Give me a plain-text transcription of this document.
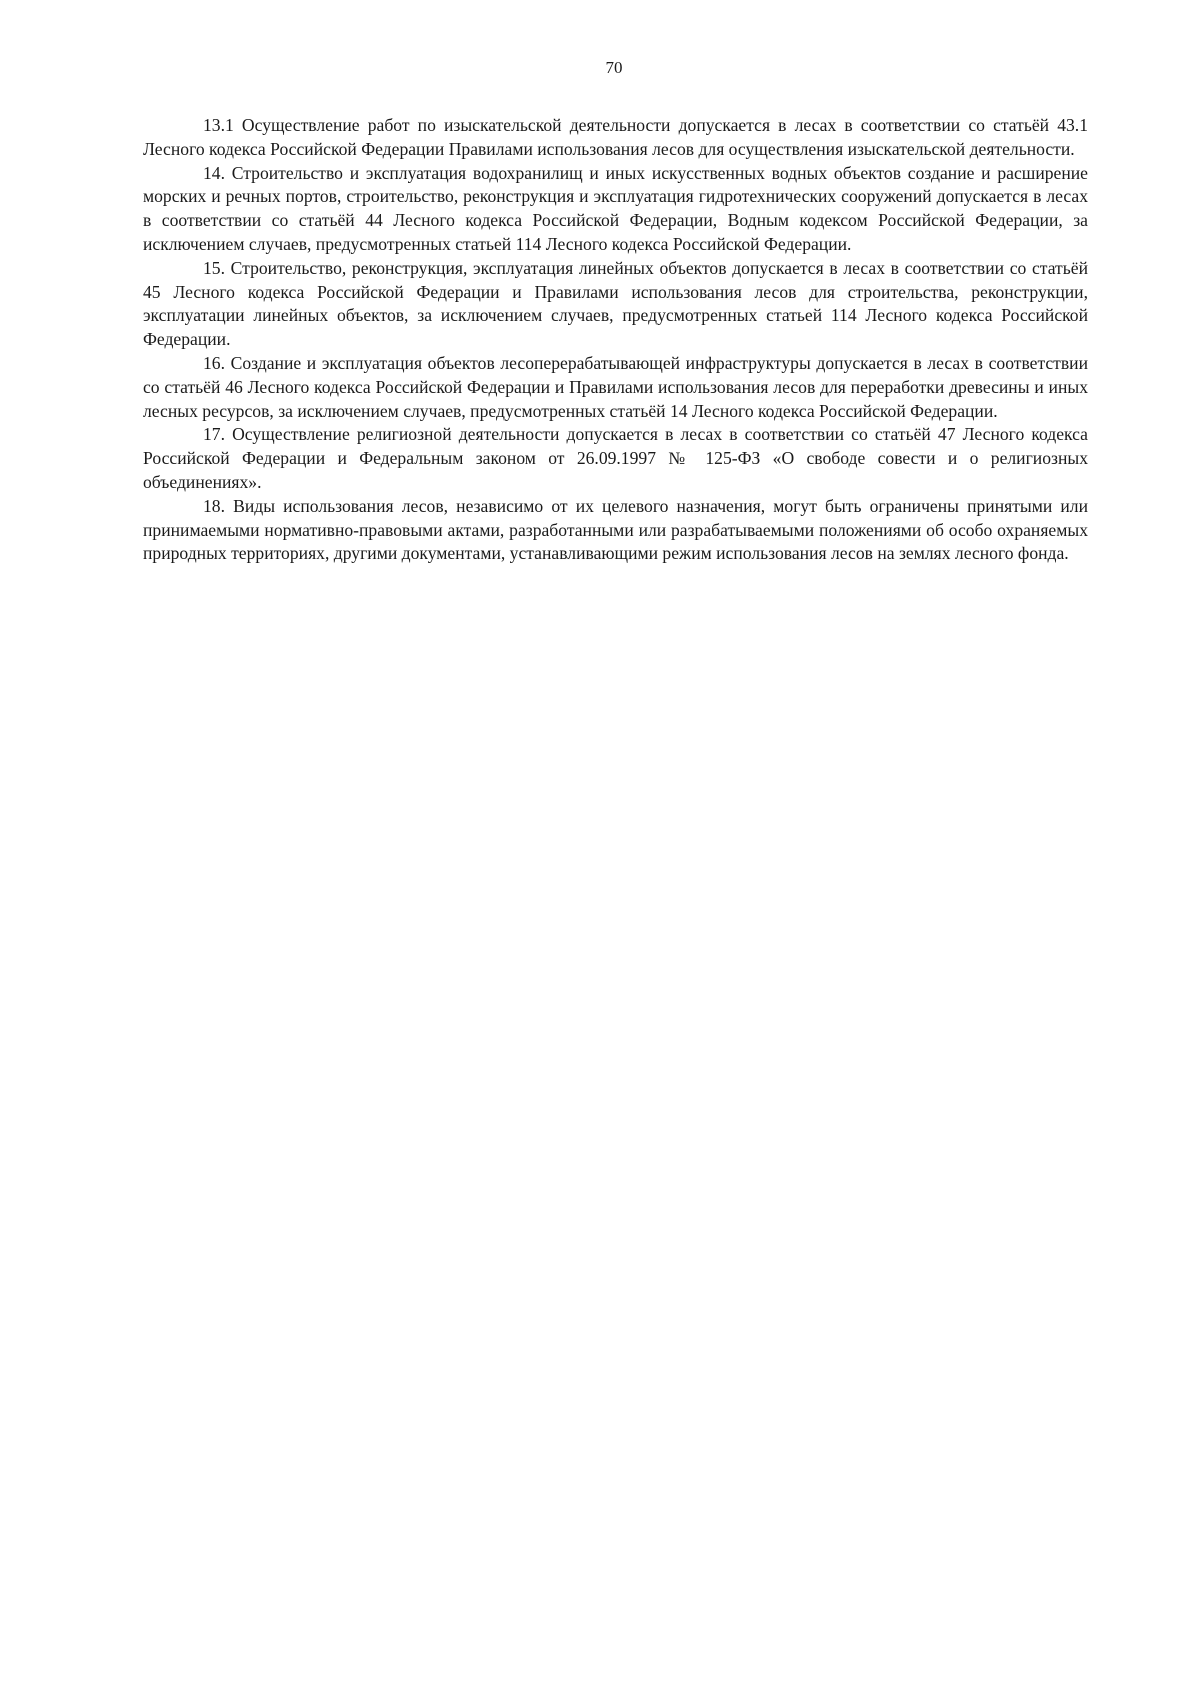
70

13.1 Осуществление работ по изыскательской деятельности допускается в лесах в соответствии со статьёй 43.1 Лесного кодекса Российской Федерации Правилами использования лесов для осуществления изыскательской деятельности.

14. Строительство и эксплуатация водохранилищ и иных искусственных водных объектов создание и расширение морских и речных портов, строительство, реконструкция и эксплуатация гидротехнических сооружений допускается в лесах в соответствии со статьёй 44 Лесного кодекса Российской Федерации, Водным кодексом Российской Федерации, за исключением случаев, предусмотренных статьей 114 Лесного кодекса Российской Федерации.

15. Строительство, реконструкция, эксплуатация линейных объектов допускается в лесах в соответствии со статьёй 45 Лесного кодекса Российской Федерации и Правилами использования лесов для строительства, реконструкции, эксплуатации линейных объектов, за исключением случаев, предусмотренных статьей 114 Лесного кодекса Российской Федерации.

16. Создание и эксплуатация объектов лесоперерабатывающей инфраструктуры допускается в лесах в соответствии со статьёй 46 Лесного кодекса Российской Федерации и Правилами использования лесов для переработки древесины и иных лесных ресурсов, за исключением случаев, предусмотренных статьёй 14 Лесного кодекса Российской Федерации.

17. Осуществление религиозной деятельности допускается в лесах в соответствии со статьёй 47 Лесного кодекса Российской Федерации и Федеральным законом от 26.09.1997 № 125-ФЗ «О свободе совести и о религиозных объединениях».

18. Виды использования лесов, независимо от их целевого назначения, могут быть ограничены принятыми или принимаемыми нормативно-правовыми актами, разработанными или разрабатываемыми положениями об особо охраняемых природных территориях, другими документами, устанавливающими режим использования лесов на землях лесного фонда.
